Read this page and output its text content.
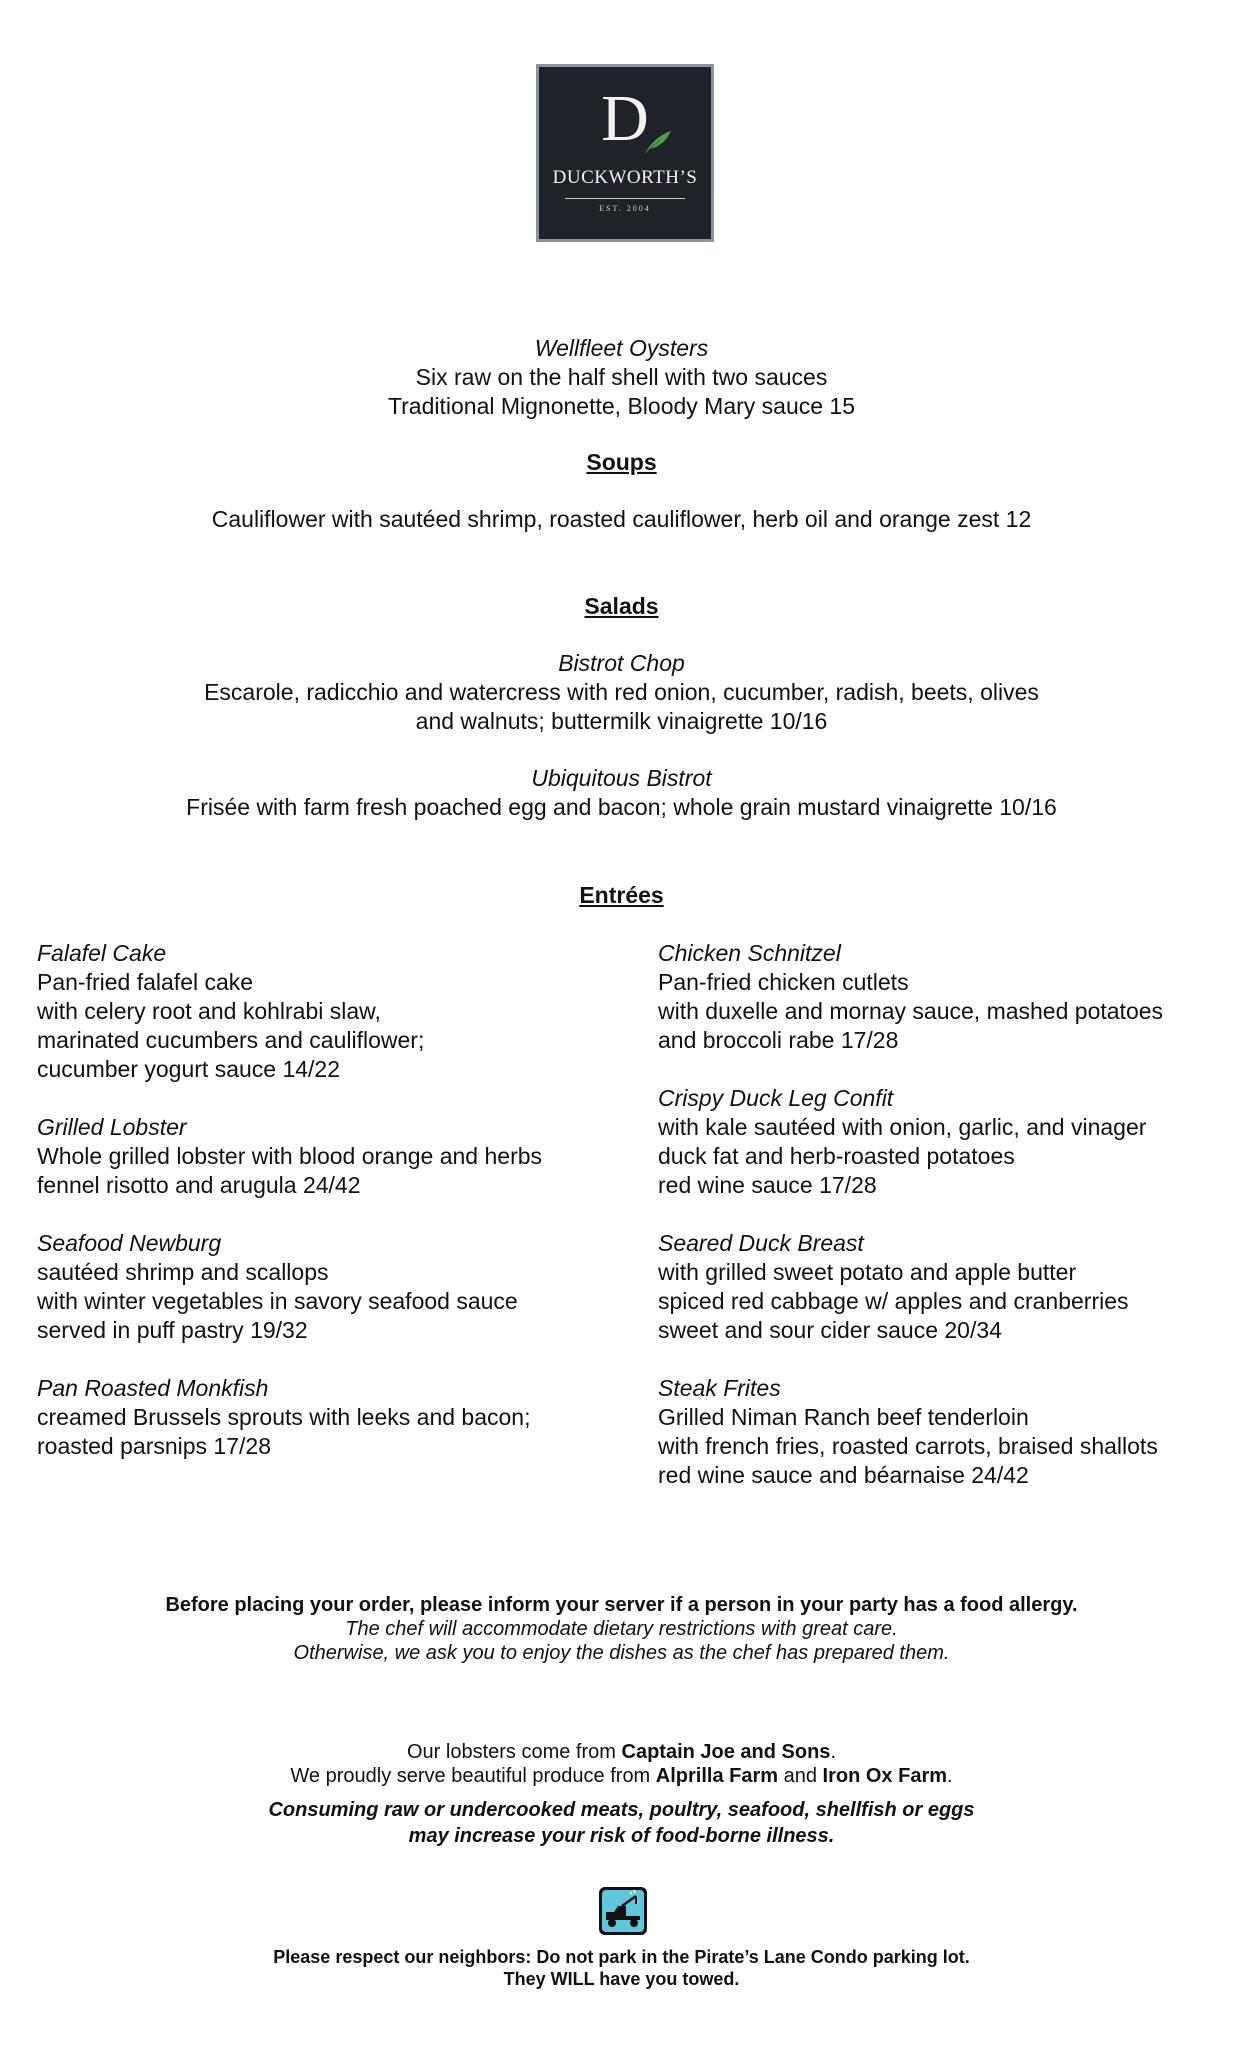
D
DUCKWORTH’S
EST. 2004
Wellfleet Oysters
Six raw on the half shell with two sauces
Traditional Mignonette, Bloody Mary sauce 15
Soups
Cauliflower with sautéed shrimp, roasted cauliflower, herb oil and orange zest 12
Salads
Bistrot Chop
Escarole, radicchio and watercress with red onion, cucumber, radish, beets, olives
and walnuts; buttermilk vinaigrette 10/16
Ubiquitous Bistrot
Frisée with farm fresh poached egg and bacon; whole grain mustard vinaigrette 10/16
Entrées
Falafel Cake
Pan-fried falafel cake
with celery root and kohlrabi slaw,
marinated cucumbers and cauliflower;
cucumber yogurt sauce 14/22
Grilled Lobster
Whole grilled lobster with blood orange and herbs
fennel risotto and arugula 24/42
Seafood Newburg
sautéed shrimp and scallops
with winter vegetables in savory seafood sauce
served in puff pastry 19/32
Pan Roasted Monkfish
creamed Brussels sprouts with leeks and bacon;
roasted parsnips 17/28
Chicken Schnitzel
Pan-fried chicken cutlets
with duxelle and mornay sauce, mashed potatoes
and broccoli rabe 17/28
Crispy Duck Leg Confit
with kale sautéed with onion, garlic, and vinager
duck fat and herb-roasted potatoes
red wine sauce 17/28
Seared Duck Breast
with grilled sweet potato and apple butter
spiced red cabbage w/ apples and cranberries
sweet and sour cider sauce 20/34
Steak Frites
Grilled Niman Ranch beef tenderloin
with french fries, roasted carrots, braised shallots
red wine sauce and béarnaise 24/42
Before placing your order, please inform your server if a person in your party has a food allergy.
The chef will accommodate dietary restrictions with great care.
Otherwise, we ask you to enjoy the dishes as the chef has prepared them.
Our lobsters come from Captain Joe and Sons.
We proudly serve beautiful produce from Alprilla Farm and Iron Ox Farm.
Consuming raw or undercooked meats, poultry, seafood, shellfish or eggs
may increase your risk of food-borne illness.
Please respect our neighbors: Do not park in the Pirate’s Lane Condo parking lot.
They WILL have you towed.
